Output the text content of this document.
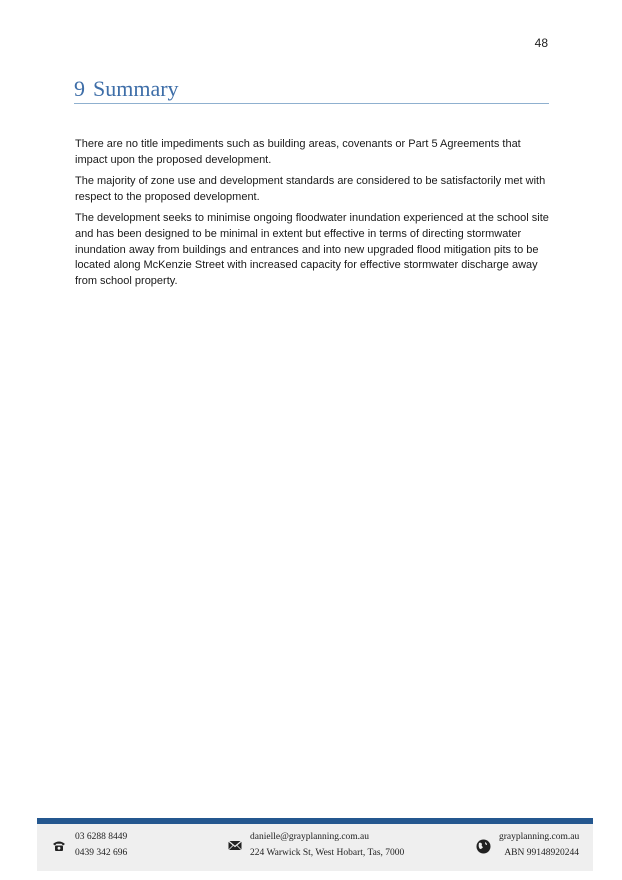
48
9 Summary

There are no title impediments such as building areas, covenants or Part 5 Agreements that impact upon the proposed development.

The majority of zone use and development standards are considered to be satisfactorily met with respect to the proposed development.

The development seeks to minimise ongoing floodwater inundation experienced at the school site and has been designed to be minimal in extent but effective in terms of directing stormwater inundation away from buildings and entrances and into new upgraded flood mitigation pits to be located along McKenzie Street with increased capacity for effective stormwater discharge away from school property.

03 6288 8449
0439 342 696
danielle@grayplanning.com.au
224 Warwick St, West Hobart, Tas, 7000
grayplanning.com.au
ABN 99148920244
